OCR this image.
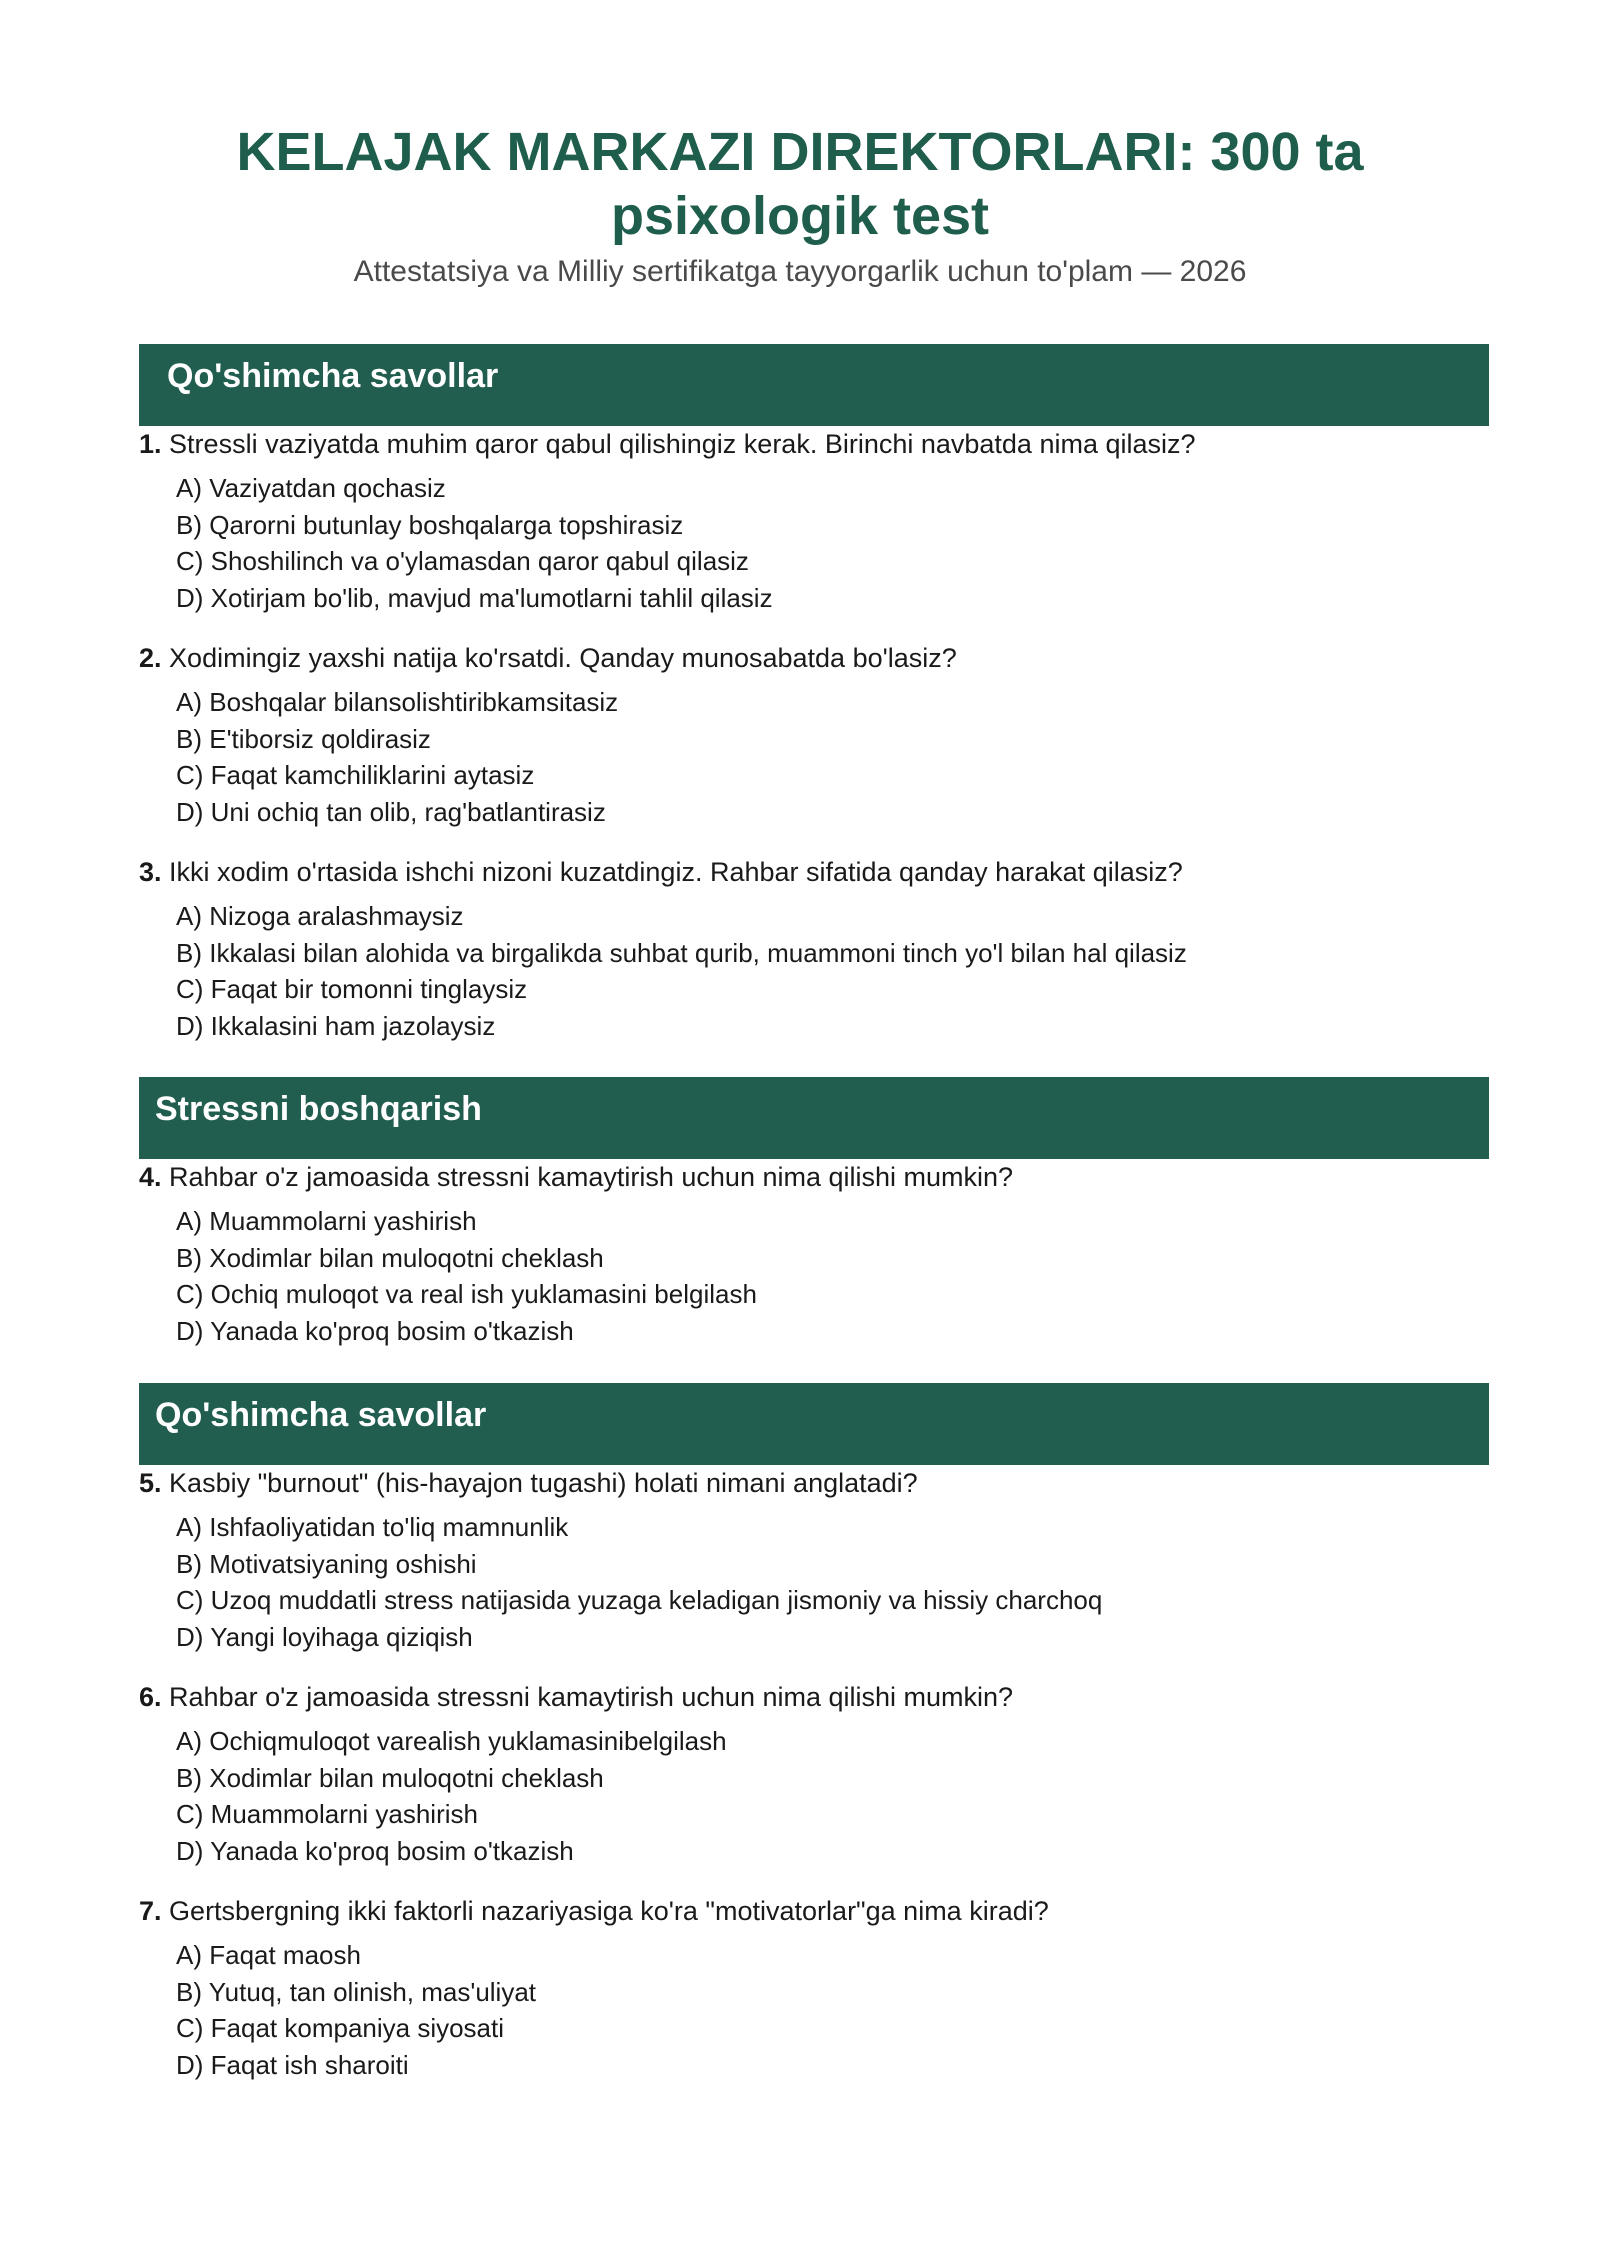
KELAJAK MARKAZI DIREKTORLARI: 300 ta psixologik test
Attestatsiya va Milliy sertifikatga tayyorgarlik uchun to'plam — 2026
Qo'shimcha savollar
1. Stressli vaziyatda muhim qaror qabul qilishingiz kerak. Birinchi navbatda nima qilasiz?
A) Vaziyatdan qochasiz
B) Qarorni butunlay boshqalarga topshirasiz
C) Shoshilinch va o'ylamasdan qaror qabul qilasiz
D) Xotirjam bo'lib, mavjud ma'lumotlarni tahlil qilasiz
2. Xodimingiz yaxshi natija ko'rsatdi. Qanday munosabatda bo'lasiz?
A) Boshqalar bilansolishtiribkamsitasiz
B) E'tiborsiz qoldirasiz
C) Faqat kamchiliklarini aytasiz
D) Uni ochiq tan olib, rag'batlantirasiz
3. Ikki xodim o'rtasida ishchi nizoni kuzatdingiz. Rahbar sifatida qanday harakat qilasiz?
A) Nizoga aralashmaysiz
B) Ikkalasi bilan alohida va birgalikda suhbat qurib, muammoni tinch yo'l bilan hal qilasiz
C) Faqat bir tomonni tinglaysiz
D) Ikkalasini ham jazolaysiz
Stressni boshqarish
4. Rahbar o'z jamoasida stressni kamaytirish uchun nima qilishi mumkin?
A) Muammolarni yashirish
B) Xodimlar bilan muloqotni cheklash
C) Ochiq muloqot va real ish yuklamasini belgilash
D) Yanada ko'proq bosim o'tkazish
Qo'shimcha savollar
5. Kasbiy "burnout" (his-hayajon tugashi) holati nimani anglatadi?
A) Ishfaoliyatidan to'liq mamnunlik
B) Motivatsiyaning oshishi
C) Uzoq muddatli stress natijasida yuzaga keladigan jismoniy va hissiy charchoq
D) Yangi loyihaga qiziqish
6. Rahbar o'z jamoasida stressni kamaytirish uchun nima qilishi mumkin?
A) Ochiqmuloqot varealish yuklamasinibelgilash
B) Xodimlar bilan muloqotni cheklash
C) Muammolarni yashirish
D) Yanada ko'proq bosim o'tkazish
7. Gertsbergning ikki faktorli nazariyasiga ko'ra "motivatorlar"ga nima kiradi?
A) Faqat maosh
B) Yutuq, tan olinish, mas'uliyat
C) Faqat kompaniya siyosati
D) Faqat ish sharoiti
